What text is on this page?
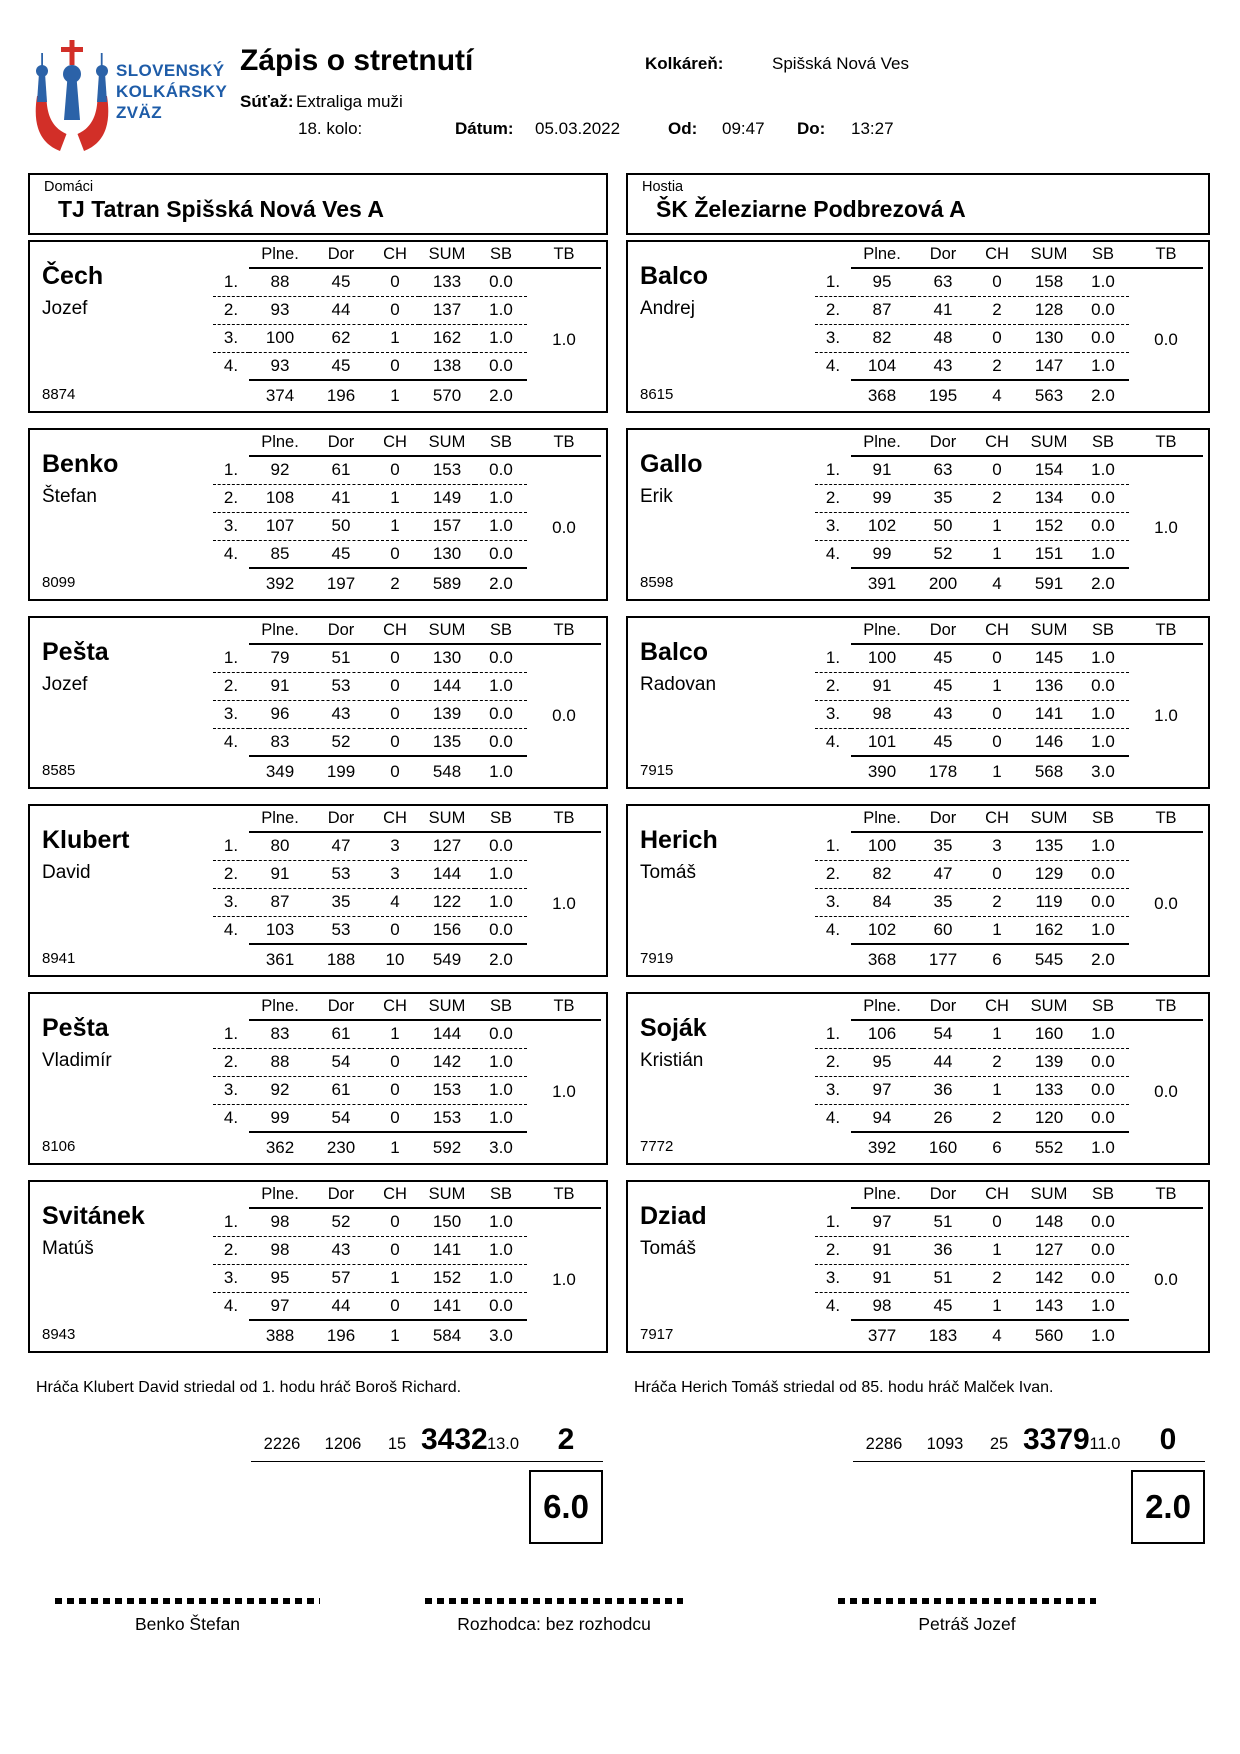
SLOVENSKÝ
KOLKÁRSKY
ZVÄZ
Zápis o stretnutí	Kolkáreň:	Spišská Nová Ves
Súťaž: Extraliga muži
18. kolo:	Dátum: 05.03.2022	Od: 09:47 Do: 13:27
Domáci
TJ Tatran Spišská Nová Ves A
Čech
Jozef
8874
	Plne.	Dor	CH	SUM	SB	TB
1.	88	45	0	133	0.0	1.0
2.	93	44	0	137	1.0	
3.	100	62	1	162	1.0	
4.	93	45	0	138	0.0	
	374	196	1	570	2.0	
Benko
Štefan
8099
	Plne.	Dor	CH	SUM	SB	TB
1.	92	61	0	153	0.0	0.0
2.	108	41	1	149	1.0	
3.	107	50	1	157	1.0	
4.	85	45	0	130	0.0	
	392	197	2	589	2.0	
Pešta
Jozef
8585
	Plne.	Dor	CH	SUM	SB	TB
1.	79	51	0	130	0.0	0.0
2.	91	53	0	144	1.0	
3.	96	43	0	139	0.0	
4.	83	52	0	135	0.0	
	349	199	0	548	1.0	
Klubert
David
8941
	Plne.	Dor	CH	SUM	SB	TB
1.	80	47	3	127	0.0	1.0
2.	91	53	3	144	1.0	
3.	87	35	4	122	1.0	
4.	103	53	0	156	0.0	
	361	188	10	549	2.0	
Pešta
Vladimír
8106
	Plne.	Dor	CH	SUM	SB	TB
1.	83	61	1	144	0.0	1.0
2.	88	54	0	142	1.0	
3.	92	61	0	153	1.0	
4.	99	54	0	153	1.0	
	362	230	1	592	3.0	
Svitánek
Matúš
8943
	Plne.	Dor	CH	SUM	SB	TB
1.	98	52	0	150	1.0	1.0
2.	98	43	0	141	1.0	
3.	95	57	1	152	1.0	
4.	97	44	0	141	0.0	
	388	196	1	584	3.0	
Hráča Klubert David striedal od 1. hodu hráč Boroš Richard.
2226	1206	15 3432 13.0	2
6.0
Hostia
ŠK Železiarne Podbrezová A
Balco
Andrej
8615
	Plne.	Dor	CH	SUM	SB	TB
1.	95	63	0	158	1.0	0.0
2.	87	41	2	128	0.0	
3.	82	48	0	130	0.0	
4.	104	43	2	147	1.0	
	368	195	4	563	2.0	
Gallo
Erik
8598
	Plne.	Dor	CH	SUM	SB	TB
1.	91	63	0	154	1.0	1.0
2.	99	35	2	134	0.0	
3.	102	50	1	152	0.0	
4.	99	52	1	151	1.0	
	391	200	4	591	2.0	
Balco
Radovan
7915
	Plne.	Dor	CH	SUM	SB	TB
1.	100	45	0	145	1.0	1.0
2.	91	45	1	136	0.0	
3.	98	43	0	141	1.0	
4.	101	45	0	146	1.0	
	390	178	1	568	3.0	
Herich
Tomáš
7919
	Plne.	Dor	CH	SUM	SB	TB
1.	100	35	3	135	1.0	0.0
2.	82	47	0	129	0.0	
3.	84	35	2	119	0.0	
4.	102	60	1	162	1.0	
	368	177	6	545	2.0	
Soják
Kristián
7772
	Plne.	Dor	CH	SUM	SB	TB
1.	106	54	1	160	1.0	0.0
2.	95	44	2	139	0.0	
3.	97	36	1	133	0.0	
4.	94	26	2	120	0.0	
	392	160	6	552	1.0	
Dziad
Tomáš
7917
	Plne.	Dor	CH	SUM	SB	TB
1.	97	51	0	148	0.0	0.0
2.	91	36	1	127	0.0	
3.	91	51	2	142	0.0	
4.	98	45	1	143	1.0	
	377	183	4	560	1.0	
Hráča Herich Tomáš striedal od 85. hodu hráč Malček Ivan.
2286	1093	25 3379 11.0	0
2.0
Benko Štefan	Rozhodca: bez rozhodcu	Petráš Jozef
